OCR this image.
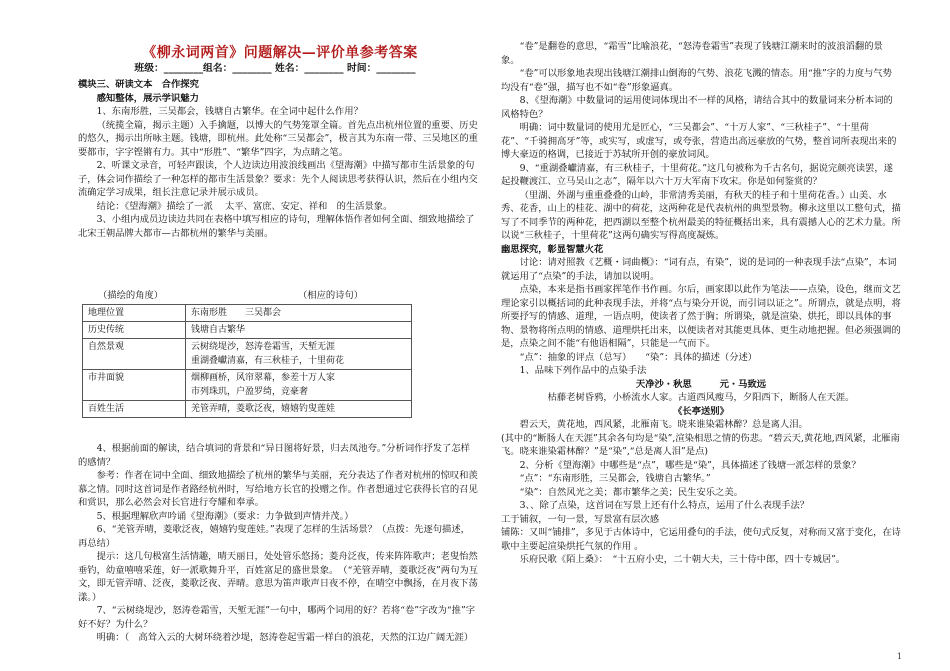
《柳永词两首》问题解决—评价单参考答案
班级：________组名：________ 姓名：________ 时间：________

模块三、研读文本　合作探究

感知整体，展示学识魅力

1、东南形胜，三吴都会，钱塘自古繁华。在全词中起什么作用？

（统揽全篇，揭示主题）入手擒题，以博大的气势笼罩全篇。首先点出杭州位置的重要、历史的悠久，揭示出所咏主题。钱塘，即杭州。此处称“三吴都会”，极言其为东南一带、三吴地区的重要都市，字字铿锵有力。其中“形胜”、“繁华”四字，为点睛之笔。

2、听课文录音，可轻声跟读，个人边读边用波浪线画出《望海潮》中描写都市生活景象的句子，体会词作描绘了一种怎样的都市生活景象？要求：先个人阅读思考获得认识，然后在小组内交流确定学习成果，组长注意记录并展示成员。

结论：《望海潮》描绘了一派　 太平、富庶、安定、祥和　的生活景象。

3、小组内成员边读边共同在表格中填写相应的诗句，理解体悟作者如何全面、细致地描绘了北宋王朝品牌大都市—古都杭州的繁华与美丽。

（描绘的角度）	（相应的诗句）
地理位置	东南形胜　　三吴都会

历史传统	钱塘自古繁华

自然景观	云树绕堤沙，怒涛卷霜雪，天堑无涯
重湖叠巘清嘉，有三秋桂子，十里荷花

市井面貌	烟柳画桥，风帘翠幕，参差十万人家
市列珠玑，户盈罗绮，竞豪奢

百姓生活	羌管弄晴，菱歌泛夜，嬉嬉钓叟莲娃

4、根据前面的解读，结合填词的背景和“异日图将好景，归去凤池夸。”分析词作抒发了怎样的感情？

参考：作者在词中全面、细致地描绘了杭州的繁华与美丽，充分表达了作者对杭州的惊叹和羡慕之情。同时这首词是作者路经杭州时，写给地方长官的投赠之作。作者想通过它获得长官的召见和赏识，那么必然会对长官进行夸耀和奉承。

5、根据理解欣声吟诵《望海潮》（要求：力争做到声情并茂。）

6、“羌管弄晴，菱歌泛夜，嬉嬉钓叟莲娃。”表现了怎样的生活场景？（点拨：先逐句描述，再总结）

提示：这几句极富生活情趣，晴天丽日，处处管乐悠扬；菱舟泛夜，传来阵阵歌声；老叟怡然垂钓，幼童嘻嘻采莲，好一派歌舞升平，百姓富足的盛世景象。　（“羌管弄晴，菱歌泛夜”两句为互文，即无管弄晴、泛夜，菱歌泛夜、弄晴。意思为笛声歌声日夜不停，在晴空中飘扬，在月夜下荡漾。）

7、“云树绕堤沙，怒涛卷霜雪，天堑无涯”一句中，哪两个词用的好？若将“卷”字改为“推”字好不好？为什么？

明确：（　高耸入云的大树环绕着沙堤，怒涛卷起雪霜一样白的浪花，天然的江边广阔无涯）

“卷”是翻卷的意思，“霜雪”比喻浪花，“怒涛卷霜雪”表现了钱塘江潮来时的波浪滔翻的景象。

“卷”可以形象地表现出钱塘江潮排山倒海的气势、浪花飞溅的情态。用“推”字的力度与气势均没有“卷”强，描写也不如“卷”形象逼真。

8、《望海潮》中数量词的运用使词体现出不一样的风格，请结合其中的数量词来分析本词的风格特色？

明确：词中数量词的使用尤是匠心，“三吴都会”、“十万人家”、“三秋桂子”、“十里荷花”、“千骑拥高牙”等，或实写，或虚写，或夸张，营造出高远豪放的气势，整首词所表现出来的博大豪迈的格调，已接近于苏轼所开创的豪放词风。

9、“重湖叠巘清嘉，有三秋桂子，十里荷花。”这几句被称为千古名句，据说完颜亮读罢，遂起投鞭渡江、立马吴山之志”，隔年以六十万大军南下攻宋。你是如何鉴赏的？

（里湖、外湖与重重叠叠的山岭，非常清秀美丽，有秋天的桂子和十里荷花香。）山美、水秀、花香，山上的桂花、湖中的荷花，这两种花是代表杭州的典型景物。柳永这里以工整句式，描写了不同季节的两种花，把西湖以至整个杭州最美的特征概括出来，具有震撼人心的艺术力量。所以说“三秋桂子，十里荷花”这两句确实写得高度凝炼。

幽思探究，彰显智慧火花

讨论：请对照教《艺概・词曲概》：“词有点，有染”，说的是词的一种表现手法“点染”，本词就运用了“点染”的手法，请加以说明。

点染，本来是指书画家挥笔作书作画。尔后，画家即以此作为笔法——点染，设色，继而文艺理论家引以概括词的此种表现手法，并将“点与染分开说，而引词以证之”。所谓点，就是点明，将所要抒写的情感、道理，一语点明，使读者了然于胸；所谓染，就是渲染、烘托，即以具体的事物、景物将所点明的情感、道理烘托出来，以便读者对其能更具体、更生动地把握。但必须强调的是，点染之间不能“有他语相隔”，只能是一气而下。

“点”：抽象的评点（总写）　　“染”：具体的描述（分述）

1、品味下列作品中的点染手法

天净沙・秋思　　　元・马致远

枯藤老树昏鸦，小桥流水人家。古道西风瘦马，夕阳西下，断肠人在天涯。

《长亭送别》

碧云天，黄花地，西风紧，北雁南飞。晓来谁染霜林醉？总是离人泪。

(其中的“断肠人在天涯”其余各句均是“染”,渲染相思之情的伤悲。“碧云天,黄花地,西风紧，北雁南飞。晓来谁染霜林醉？”是“染”,“总是离人泪”是点)

2、分析《望海潮》中哪些是“点”，哪些是“染”，具体描述了钱塘一派怎样的景象？

“点”：“东南形胜，三吴都会，钱塘自古繁华。”

“染”：自然风光之美；都市繁华之美；民生安乐之美。

3、、除了点染，这首词在写景上还有什么特点，运用了什么表现手法？

工于铺叙，一句一景，写景富有层次感

铺陈：又叫“铺排”，多见于古体诗中，它运用叠句的手法，使句式反复，对称而又富于变化，在诗歌中主要起渲染烘托气氛的作用 。

乐府民歌《陌上桑》：　“十五府小史，二十朝大夫，三十侍中郎，四十专城居”。

1
